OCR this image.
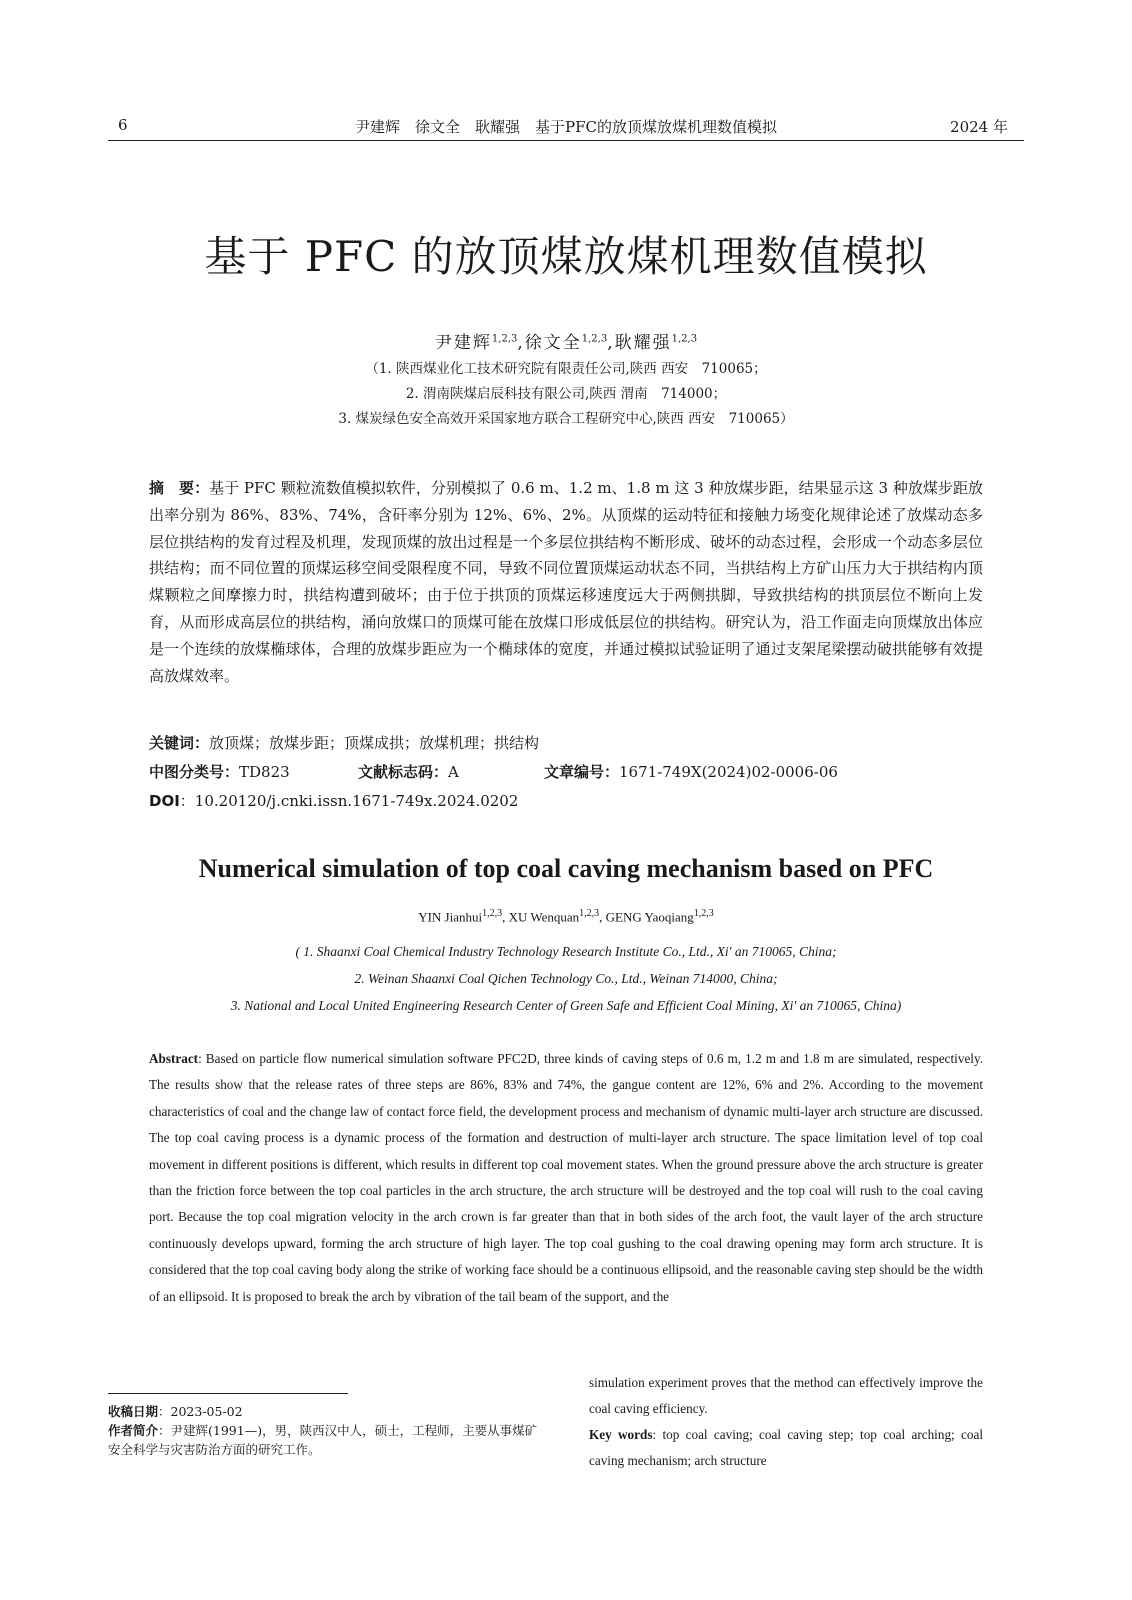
6	尹建辉　徐文全　耿耀强　基于PFC的放顶煤放煤机理数值模拟	2024 年
基于 PFC 的放顶煤放煤机理数值模拟
尹建辉$^{1,2,3}$,徐文全$^{1,2,3}$,耿耀强$^{1,2,3}$
（1. 陕西煤业化工技术研究院有限责任公司,陕西 西安　710065；
2. 渭南陕煤启辰科技有限公司,陕西 渭南　714000；
3. 煤炭绿色安全高效开采国家地方联合工程研究中心,陕西 西安　710065）
摘　要：基于 PFC 颗粒流数值模拟软件，分别模拟了 0.6 m、1.2 m、1.8 m 这 3 种放煤步距，结果显示这 3 种放煤步距放出率分别为 86%、83%、74%，含矸率分别为 12%、6%、2%。从顶煤的运动特征和接触力场变化规律论述了放煤动态多层位拱结构的发育过程及机理，发现顶煤的放出过程是一个多层位拱结构不断形成、破坏的动态过程，会形成一个动态多层位拱结构；而不同位置的顶煤运移空间受限程度不同，导致不同位置顶煤运动状态不同，当拱结构上方矿山压力大于拱结构内顶煤颗粒之间摩擦力时，拱结构遭到破坏；由于位于拱顶的顶煤运移速度远大于两侧拱脚，导致拱结构的拱顶层位不断向上发育，从而形成高层位的拱结构，涌向放煤口的顶煤可能在放煤口形成低层位的拱结构。研究认为，沿工作面走向顶煤放出体应是一个连续的放煤椭球体，合理的放煤步距应为一个椭球体的宽度，并通过模拟试验证明了通过支架尾梁摆动破拱能够有效提高放煤效率。
关键词：放顶煤；放煤步距；顶煤成拱；放煤机理；拱结构
中图分类号：TD823	文献标志码：A	文章编号：1671-749X(2024)02-0006-06
DOI：10.20120/j.cnki.issn.1671-749x.2024.0202
Numerical simulation of top coal caving mechanism based on PFC
YIN Jianhui$^{1,2,3}$, XU Wenquan$^{1,2,3}$, GENG Yaoqiang$^{1,2,3}$
( 1. Shaanxi Coal Chemical Industry Technology Research Institute Co., Ltd., Xi' an 710065, China;
2. Weinan Shaanxi Coal Qichen Technology Co., Ltd., Weinan 714000, China;
3. National and Local United Engineering Research Center of Green Safe and Efficient Coal Mining, Xi' an 710065, China)
Abstract: Based on particle flow numerical simulation software PFC2D, three kinds of caving steps of 0.6 m, 1.2 m and 1.8 m are simulated, respectively. The results show that the release rates of three steps are 86%, 83% and 74%, the gangue content are 12%, 6% and 2%. According to the movement characteristics of coal and the change law of contact force field, the development process and mechanism of dynamic multi-layer arch structure are discussed. The top coal caving process is a dynamic process of the formation and destruction of multi-layer arch structure. The space limitation level of top coal movement in different positions is different, which results in different top coal movement states. When the ground pressure above the arch structure is greater than the friction force between the top coal particles in the arch structure, the arch structure will be destroyed and the top coal will rush to the coal caving port. Because the top coal migration velocity in the arch crown is far greater than that in both sides of the arch foot, the vault layer of the arch structure continuously develops upward, forming the arch structure of high layer. The top coal gushing to the coal drawing opening may form arch structure. It is considered that the top coal caving body along the strike of working face should be a continuous ellipsoid, and the reasonable caving step should be the width of an ellipsoid. It is proposed to break the arch by vibration of the tail beam of the support, and the
收稿日期：2023-05-02
作者简介：尹建辉(1991—)，男，陕西汉中人，硕士，工程师，主要从事煤矿安全科学与灾害防治方面的研究工作。
simulation experiment proves that the method can effectively improve the coal caving efficiency.
Key words: top coal caving; coal caving step; top coal arching; coal caving mechanism; arch structure
